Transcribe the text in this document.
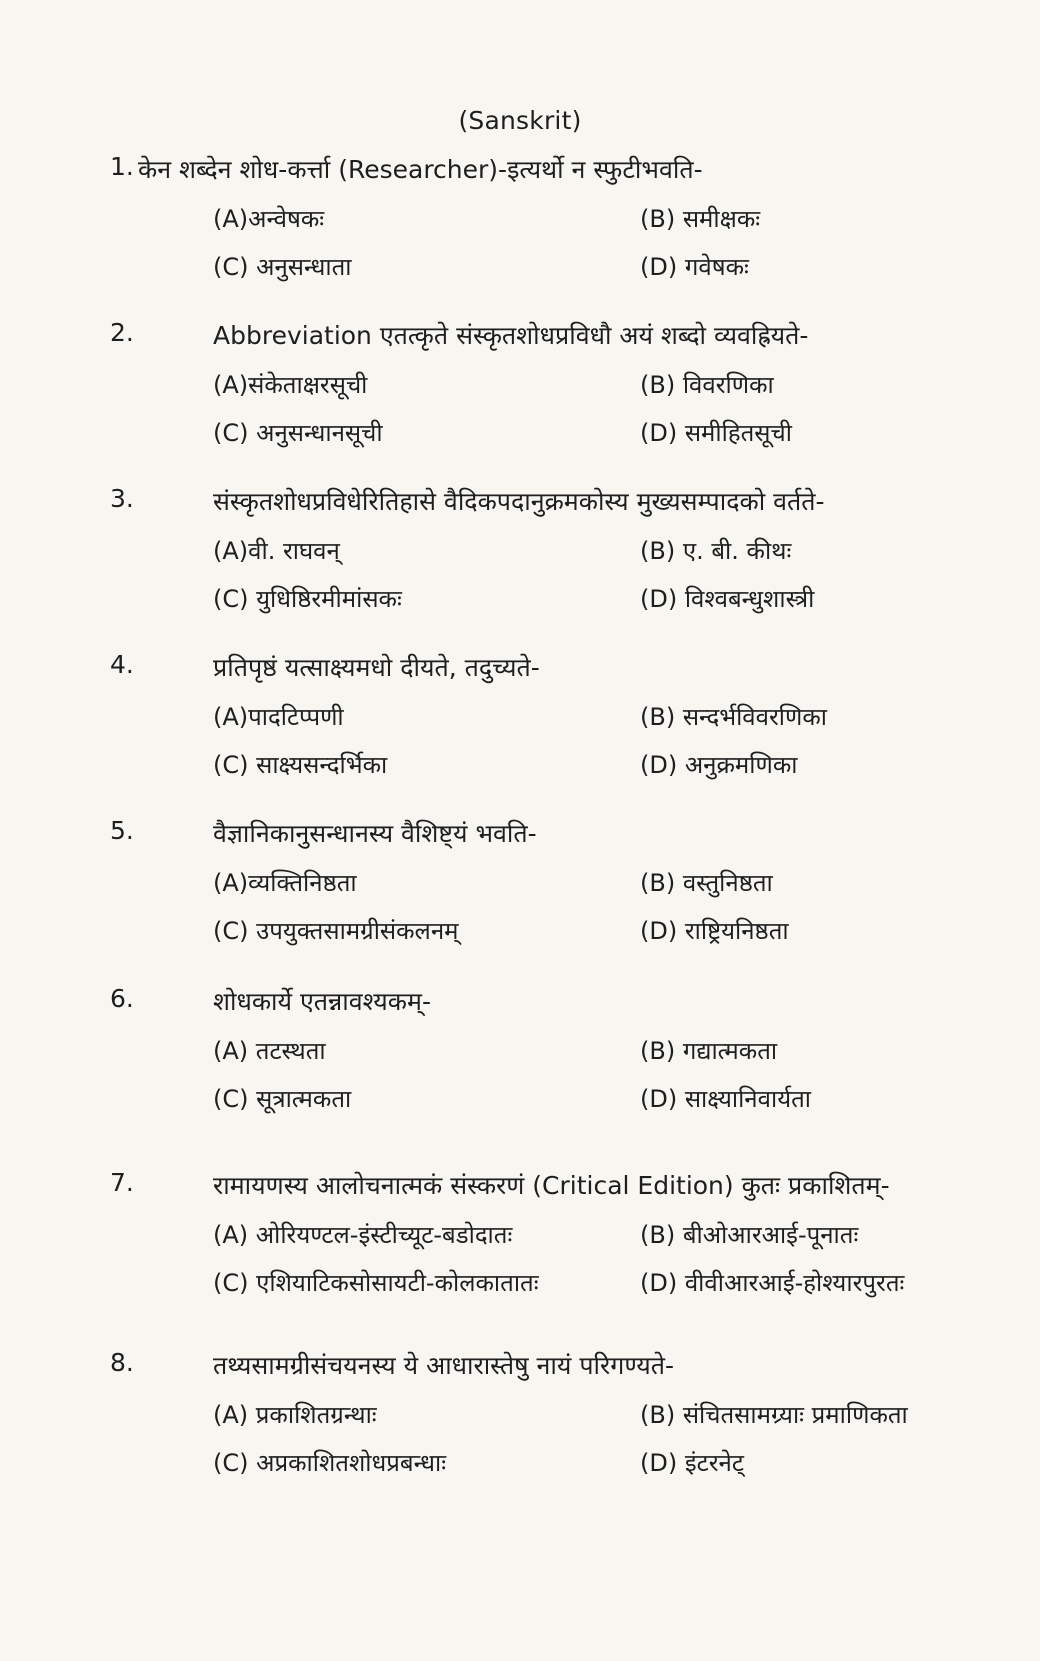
(Sanskrit)
1. केन शब्देन शोध-कर्त्ता (Researcher)-इत्यर्थो न स्फुटीभवति-
(A)अन्वेषकः	(B) समीक्षकः
(C) अनुसन्धाता	(D) गवेषकः
2.	Abbreviation एतत्कृते संस्कृतशोधप्रविधौ अयं शब्दो व्यवह्रियते-
(A)संकेताक्षरसूची	(B) विवरणिका
(C) अनुसन्धानसूची	(D) समीहितसूची
3.	संस्कृतशोधप्रविधेरितिहासे वैदिकपदानुक्रमकोस्य मुख्यसम्पादको वर्तते-
(A)वी. राघवन्	(B) ए. बी. कीथः
(C) युधिष्ठिरमीमांसकः	(D) विश्वबन्धुशास्त्री
4.	प्रतिपृष्ठं यत्साक्ष्यमधो दीयते, तदुच्यते-
(A)पादटिप्पणी	(B) सन्दर्भविवरणिका
(C) साक्ष्यसन्दर्भिका	(D) अनुक्रमणिका
5.	वैज्ञानिकानुसन्धानस्य वैशिष्ट्यं भवति-
(A)व्यक्तिनिष्ठता	(B) वस्तुनिष्ठता
(C) उपयुक्तसामग्रीसंकलनम्	(D) राष्ट्रियनिष्ठता
6.	शोधकार्ये एतन्नावश्यकम्-
(A) तटस्थता	(B) गद्यात्मकता
(C) सूत्रात्मकता	(D) साक्ष्यानिवार्यता
7.	रामायणस्य आलोचनात्मकं संस्करणं (Critical Edition) कुतः प्रकाशितम्-
(A) ओरियण्टल-इंस्टीच्यूट-बडोदातः	(B) बीओआरआई-पूनातः
(C) एशियाटिकसोसायटी-कोलकातातः	(D) वीवीआरआई-होश्यारपुरतः
8.	तथ्यसामग्रीसंचयनस्य ये आधारास्तेषु नायं परिगण्यते-
(A) प्रकाशितग्रन्थाः	(B) संचितसामग्र्याः प्रमाणिकता
(C) अप्रकाशितशोधप्रबन्धाः	(D) इंटरनेट्
